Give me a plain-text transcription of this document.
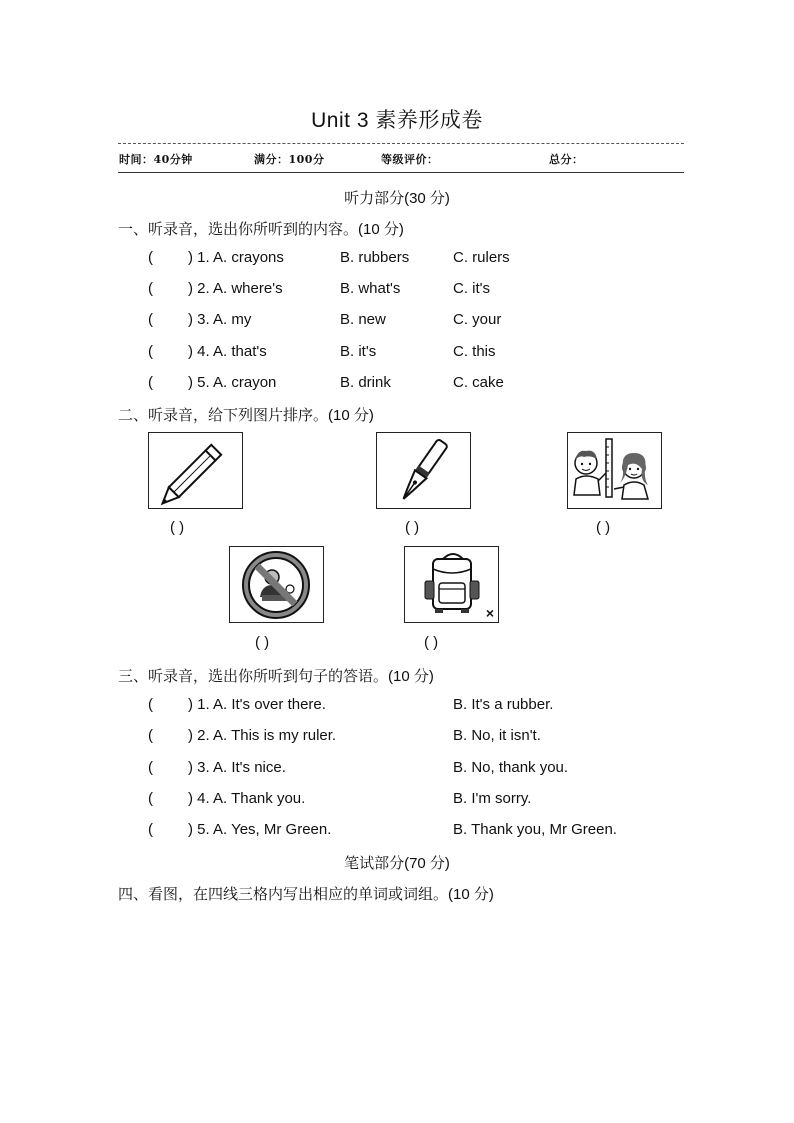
Unit 3 素养形成卷
时间：40分钟	满分：100分	等级评价：	总分：
听力部分(30 分)
一、听录音，选出你所听到的内容。(10 分)
( ) 1. A. crayons	B. rubbers	C. rulers
( ) 2. A. where's	B. what's	C. it's
( ) 3. A. my	B. new	C. your
( ) 4. A. that's	B. it's	C. this
( ) 5. A. crayon	B. drink	C. cake
二、听录音，给下列图片排序。(10 分)
( )	( )	( )
( )
×
( )
三、听录音，选出你所听到句子的答语。(10 分)
( ) 1. A. It's over there.	B. It's a rubber.
( ) 2. A. This is my ruler.	B. No, it isn't.
( ) 3. A. It's nice.	B. No, thank you.
( ) 4. A. Thank you.	B. I'm sorry.
( ) 5. A. Yes, Mr Green.	B. Thank you, Mr Green.
笔试部分(70 分)
四、看图，在四线三格内写出相应的单词或词组。(10 分)
